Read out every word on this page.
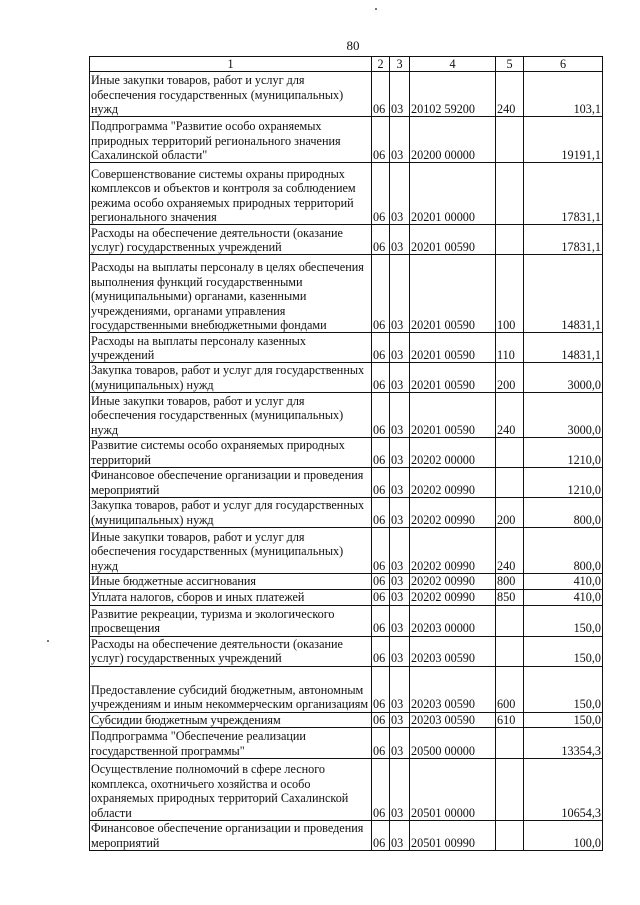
80
1	2	3	4	5	6
Иные закупки товаров, работ и услуг для обеспечения государственных (муниципальных) нужд	06	03	20102 59200	240	103,1
Подпрограмма "Развитие особо охраняемых природных территорий регионального значения Сахалинской области"	06	03	20200 00000		19191,1
Совершенствование системы охраны природных комплексов и объектов и контроля за соблюдением режима особо охраняемых природных территорий регионального значения	06	03	20201 00000		17831,1
Расходы на обеспечение деятельности (оказание услуг) государственных учреждений	06	03	20201 00590		17831,1
Расходы на выплаты персоналу в целях обеспечения выполнения функций государственными (муниципальными) органами, казенными учреждениями, органами управления государственными внебюджетными фондами	06	03	20201 00590	100	14831,1
Расходы на выплаты персоналу казенных учреждений	06	03	20201 00590	110	14831,1
Закупка товаров, работ и услуг для государственных (муниципальных) нужд	06	03	20201 00590	200	3000,0
Иные закупки товаров, работ и услуг для обеспечения государственных (муниципальных) нужд	06	03	20201 00590	240	3000,0
Развитие системы особо охраняемых природных территорий	06	03	20202 00000		1210,0
Финансовое обеспечение организации и проведения мероприятий	06	03	20202 00990		1210,0
Закупка товаров, работ и услуг для государственных (муниципальных) нужд	06	03	20202 00990	200	800,0
Иные закупки товаров, работ и услуг для обеспечения государственных (муниципальных) нужд	06	03	20202 00990	240	800,0
Иные бюджетные ассигнования	06	03	20202 00990	800	410,0
Уплата налогов, сборов и иных платежей	06	03	20202 00990	850	410,0
Развитие рекреации, туризма и экологического просвещения	06	03	20203 00000		150,0
Расходы на обеспечение деятельности (оказание услуг) государственных учреждений	06	03	20203 00590		150,0
Предоставление субсидий бюджетным, автономным учреждениям и иным некоммерческим организациям	06	03	20203 00590	600	150,0
Субсидии бюджетным учреждениям	06	03	20203 00590	610	150,0
Подпрограмма "Обеспечение реализации государственной программы"	06	03	20500 00000		13354,3
Осуществление полномочий в сфере лесного комплекса, охотничьего хозяйства и особо охраняемых природных территорий Сахалинской области	06	03	20501 00000		10654,3
Финансовое обеспечение организации и проведения мероприятий	06	03	20501 00990		100,0
